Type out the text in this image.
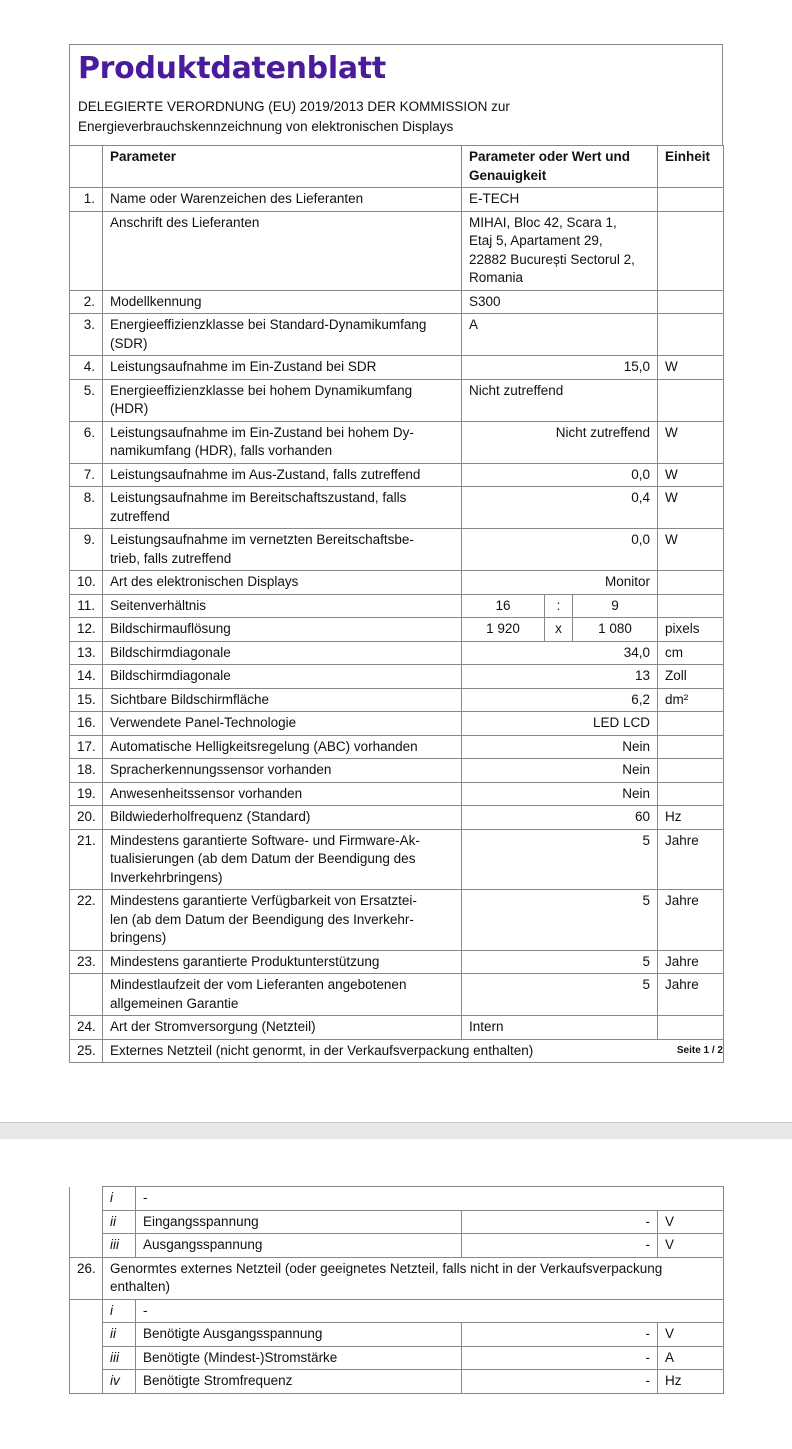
Produktdatenblatt
DELEGIERTE VERORDNUNG (EU) 2019/2013 DER KOMMISSION zur
Energieverbrauchskennzeichnung von elektronischen Displays
	Parameter	Parameter oder Wert und
Genauigkeit			Einheit
1.	Name oder Warenzeichen des Lieferanten	E-TECH			
	Anschrift des Lieferanten	MIHAI, Bloc 42, Scara 1,
Etaj 5, Apartament 29,
22882 București Sectorul 2,
Romania			
2.	Modellkennung	S300			
3.	Energieeffizienzklasse bei Standard-Dynamikumfang
(SDR)	A			
4.	Leistungsaufnahme im Ein-Zustand bei SDR	15,0			W
5.	Energieeffizienzklasse bei hohem Dynamikumfang
(HDR)	Nicht zutreffend			
6.	Leistungsaufnahme im Ein-Zustand bei hohem Dy-
namikumfang (HDR), falls vorhanden	Nicht zutreffend			W
7.	Leistungsaufnahme im Aus-Zustand, falls zutreffend	0,0			W
8.	Leistungsaufnahme im Bereitschaftszustand, falls
zutreffend	0,4			W
9.	Leistungsaufnahme im vernetzten Bereitschaftsbe-
trieb, falls zutreffend	0,0			W
10.	Art des elektronischen Displays	Monitor			
11.	Seitenverhältnis	16	:	9	
12.	Bildschirmauflösung	1 920	x	1 080	pixels
13.	Bildschirmdiagonale	34,0			cm
14.	Bildschirmdiagonale	13			Zoll
15.	Sichtbare Bildschirmfläche	6,2			dm²
16.	Verwendete Panel-Technologie	LED LCD			
17.	Automatische Helligkeitsregelung (ABC) vorhanden	Nein			
18.	Spracherkennungssensor vorhanden	Nein			
19.	Anwesenheitssensor vorhanden	Nein			
20.	Bildwiederholfrequenz (Standard)	60			Hz
21.	Mindestens garantierte Software- und Firmware-Ak-
tualisierungen (ab dem Datum der Beendigung des
Inverkehrbringens)	5			Jahre
22.	Mindestens garantierte Verfügbarkeit von Ersatztei-
len (ab dem Datum der Beendigung des Inverkehr-
bringens)	5			Jahre
23.	Mindestens garantierte Produktunterstützung	5			Jahre
	Mindestlaufzeit der vom Lieferanten angebotenen
allgemeinen Garantie	5			Jahre
24.	Art der Stromversorgung (Netzteil)	Intern			
25.	Externes Netzteil (nicht genormt, in der Verkaufsverpackung enthalten)					Seite 1 / 2
	i	-		
	ii	Eingangsspannung	-	V
	iii	Ausgangsspannung	-	V
26.	Genormtes externes Netzteil (oder geeignetes Netzteil, falls nicht in der Verkaufsverpackung
enthalten)			
	i	-		
	ii	Benötigte Ausgangsspannung	-	V
	iii	Benötigte (Mindest-)Stromstärke	-	A
	iv	Benötigte Stromfrequenz	-	Hz
